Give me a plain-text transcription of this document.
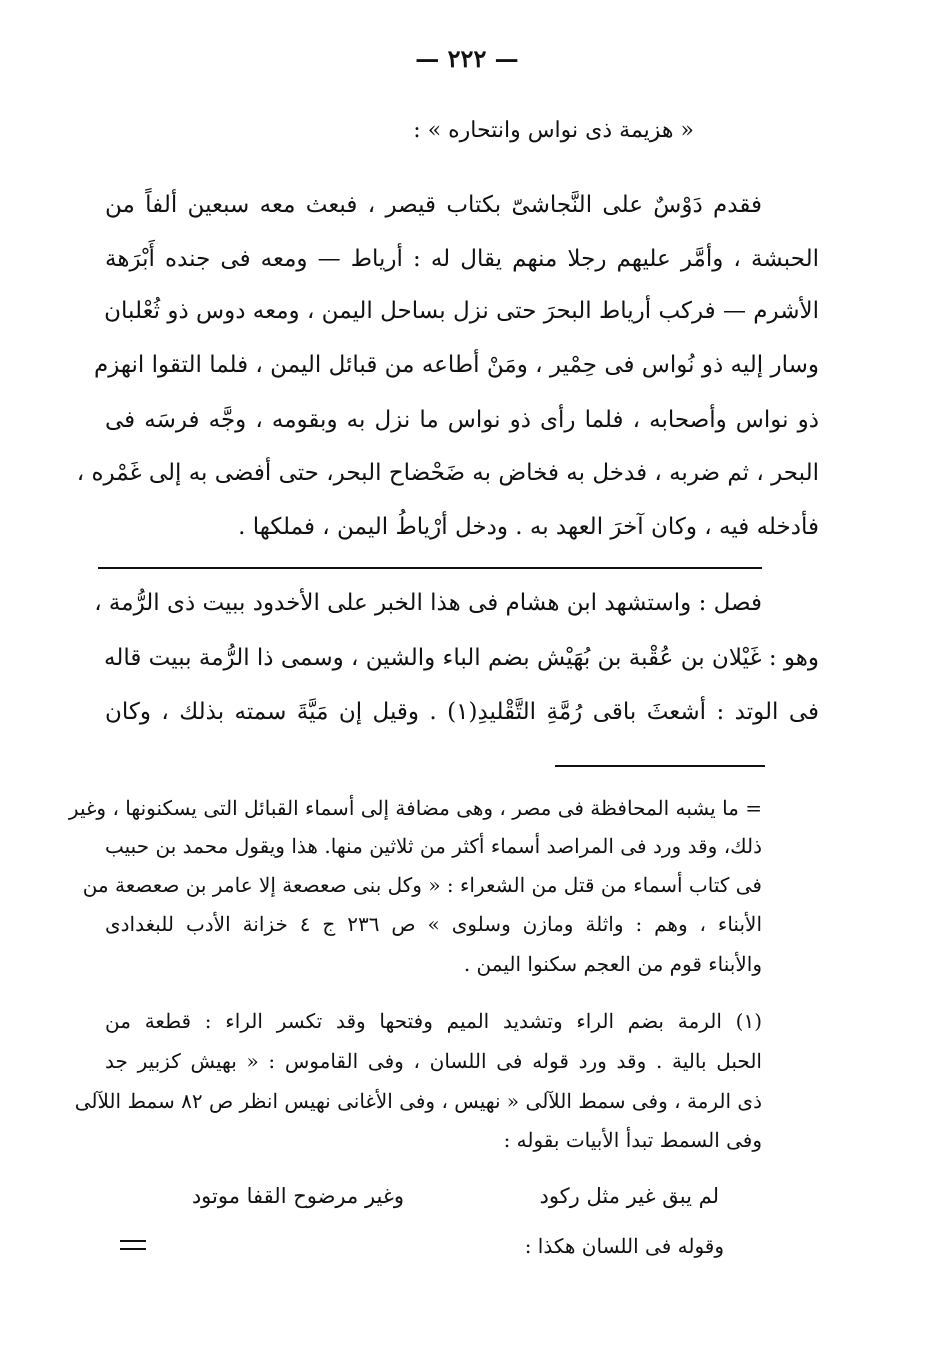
— ٢٢٢ —
« هزيمة ذى نواس وانتحاره » :
فقدم دَوْسٌ على النَّجاشىّ بكتاب قيصر ، فبعث معه سبعين ألفاً من
الحبشة ، وأمَّر عليهم رجلا منهم يقال له : أرياط — ومعه فى جنده أَبْرَهة
الأشرم — فركب أرياط البحرَ حتى نزل بساحل اليمن ، ومعه دوس ذو ثُعْلبان
وسار إليه ذو نُواس فى حِمْير ، ومَنْ أطاعه من قبائل اليمن ، فلما التقوا انهزم
ذو نواس وأصحابه ، فلما رأى ذو نواس ما نزل به وبقومه ، وجَّه فرسَه فى
البحر ، ثم ضربه ، فدخل به فخاض به ضَحْضاح البحر، حتى أفضى به إلى غَمْره ،
فأدخله فيه ، وكان آخرَ العهد به . ودخل أرْياطُ اليمن ، فملكها .
فصل : واستشهد ابن هشام فى هذا الخبر على الأخدود ببيت ذى الرُّمة ،
وهو : غَيْلان بن عُقْبة بن بُهَيْش بضم الباء والشين ، وسمى ذا الرُّمة ببيت قاله
فى الوتد : أشعثَ باقى رُمَّةِ التَّقْليدِ(١) . وقيل إن مَيَّةَ سمته بذلك ، وكان
= ما يشبه المحافظة فى مصر ، وهى مضافة إلى أسماء القبائل التى يسكنونها ، وغير
ذلك، وقد ورد فى المراصد أسماء أكثر من ثلاثين منها. هذا ويقول محمد بن حبيب
فى كتاب أسماء من قتل من الشعراء : « وكل بنى صعصعة إلا عامر بن صعصعة من
الأبناء ، وهم : واثلة ومازن وسلوى » ص ٢٣٦ ج ٤ خزانة الأدب للبغدادى
والأبناء قوم من العجم سكنوا اليمن .
(١) الرمة بضم الراء وتشديد الميم وفتحها وقد تكسر الراء : قطعة من
الحبل بالية . وقد ورد قوله فى اللسان ، وفى القاموس : « بهيش كزبير جد
ذى الرمة ، وفى سمط اللآلى « نهيس ، وفى الأغانى نهيس انظر ص ٨٢ سمط اللآلى
وفى السمط تبدأ الأبيات بقوله :
لم يبق غير مثل ركود
وغير مرضوح القفا موتود
وقوله فى اللسان هكذا :
